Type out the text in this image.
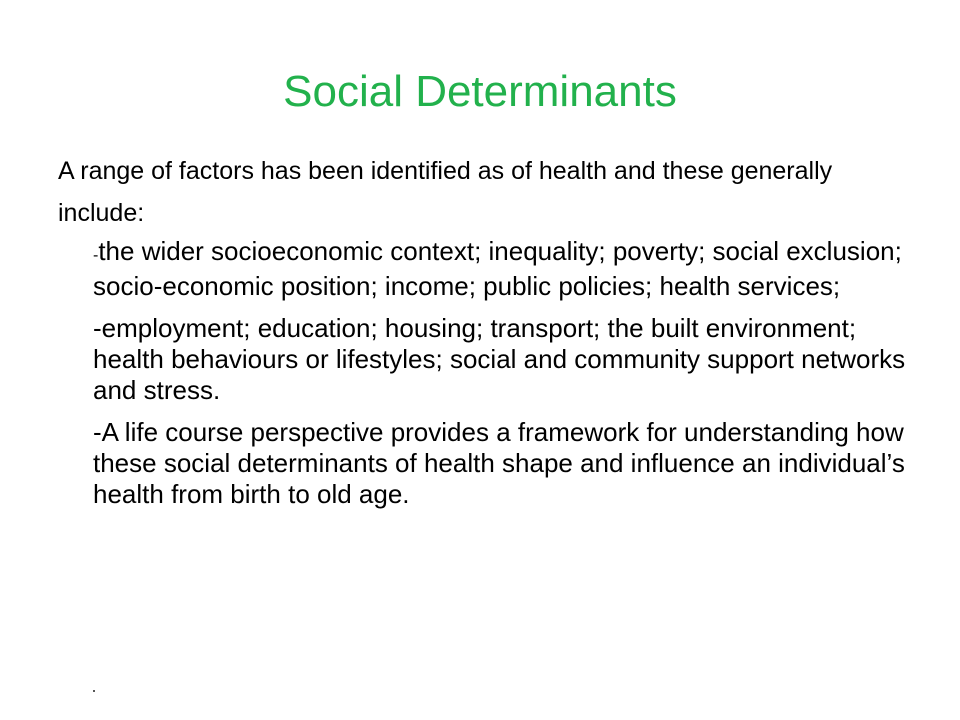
Social Determinants

A range of factors has been identified as of health and these generally include:

-the wider socioeconomic context; inequality; poverty; social exclusion; socio-economic position; income; public policies; health services;
-employment; education; housing; transport; the built environment; health behaviours or lifestyles; social and community support networks and stress.
-A life course perspective provides a framework for understanding how these social determinants of health shape and influence an individual’s health from birth to old age.
